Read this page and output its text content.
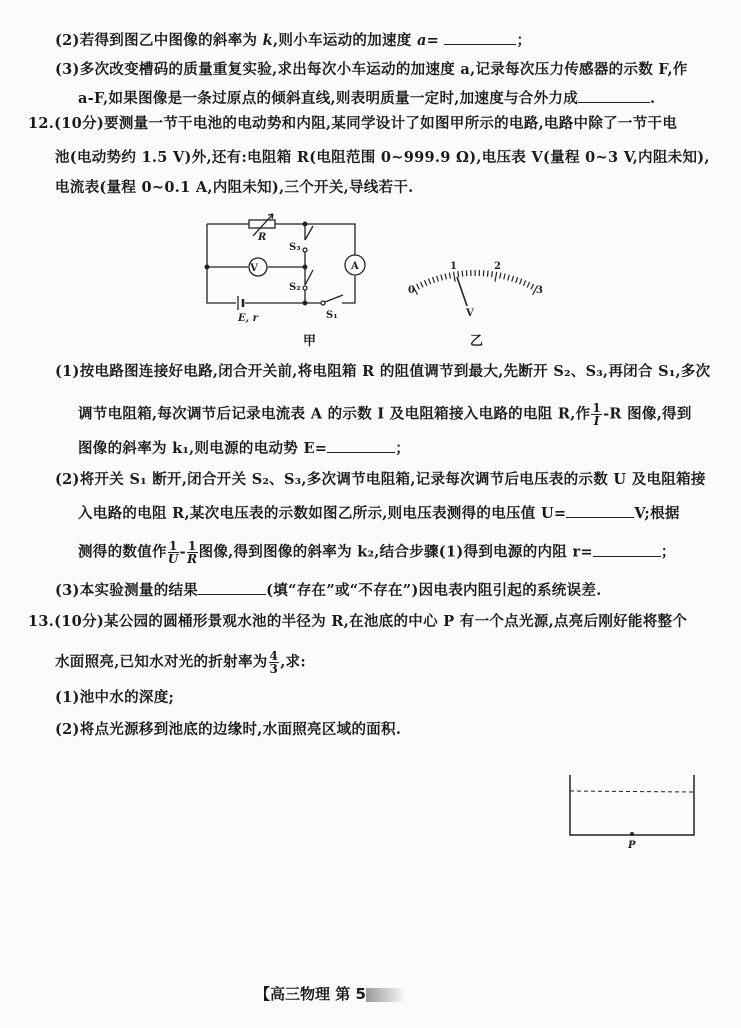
(2)若得到图乙中图像的斜率为 k,则小车运动的加速度 a=	；
(3)多次改变槽码的质量重复实验,求出每次小车运动的加速度 a,记录每次压力传感器的示数 F,作
a-F,如果图像是一条过原点的倾斜直线,则表明质量一定时,加速度与合外力成	.
12.(10分)要测量一节干电池的电动势和内阻,某同学设计了如图甲所示的电路,电路中除了一节干电
池(电动势约 1.5 V)外,还有:电阻箱 R(电阻范围 0~999.9 Ω),电压表 V(量程 0~3 V,内阻未知),
电流表(量程 0~0.1 A,内阻未知),三个开关,导线若干.
R
V	A
S₃
S₂
S₁
E, r
0
1	2
3
V
甲	乙
(1)按电路图连接好电路,闭合开关前,将电阻箱 R 的阻值调节到最大,先断开 S₂、S₃,再闭合 S₁,多次
调节电阻箱,每次调节后记录电流表 A 的示数 I 及电阻箱接入电路的电阻 R,作 $\frac{1}{I} -R$ 图像,得到
图像的斜率为 k₁,则电源的电动势 E=	；
(2)将开关 S₁ 断开,闭合开关 S₂、S₃,多次调节电阻箱,记录每次调节后电压表的示数 U 及电阻箱接
入电路的电阻 R,某次电压表的示数如图乙所示,则电压表测得的电压值 U=	V;根据
测得的数值作 $\frac{1}{U} - \frac{1}{R}$ 图像,得到图像的斜率为 k₂,结合步骤(1)得到电源的内阻 r=	；
(3)本实验测量的结果	(填“存在”或“不存在”)因电表内阻引起的系统误差.
13.(10分)某公园的圆桶形景观水池的半径为 R,在池底的中心 P 有一个点光源,点亮后刚好能将整个
水面照亮,已知水对光的折射率为 $\frac{4}{3}$ ,求:
(1)池中水的深度;
(2)将点光源移到池底的边缘时,水面照亮区域的面积.
P
【高三物理 第 5
